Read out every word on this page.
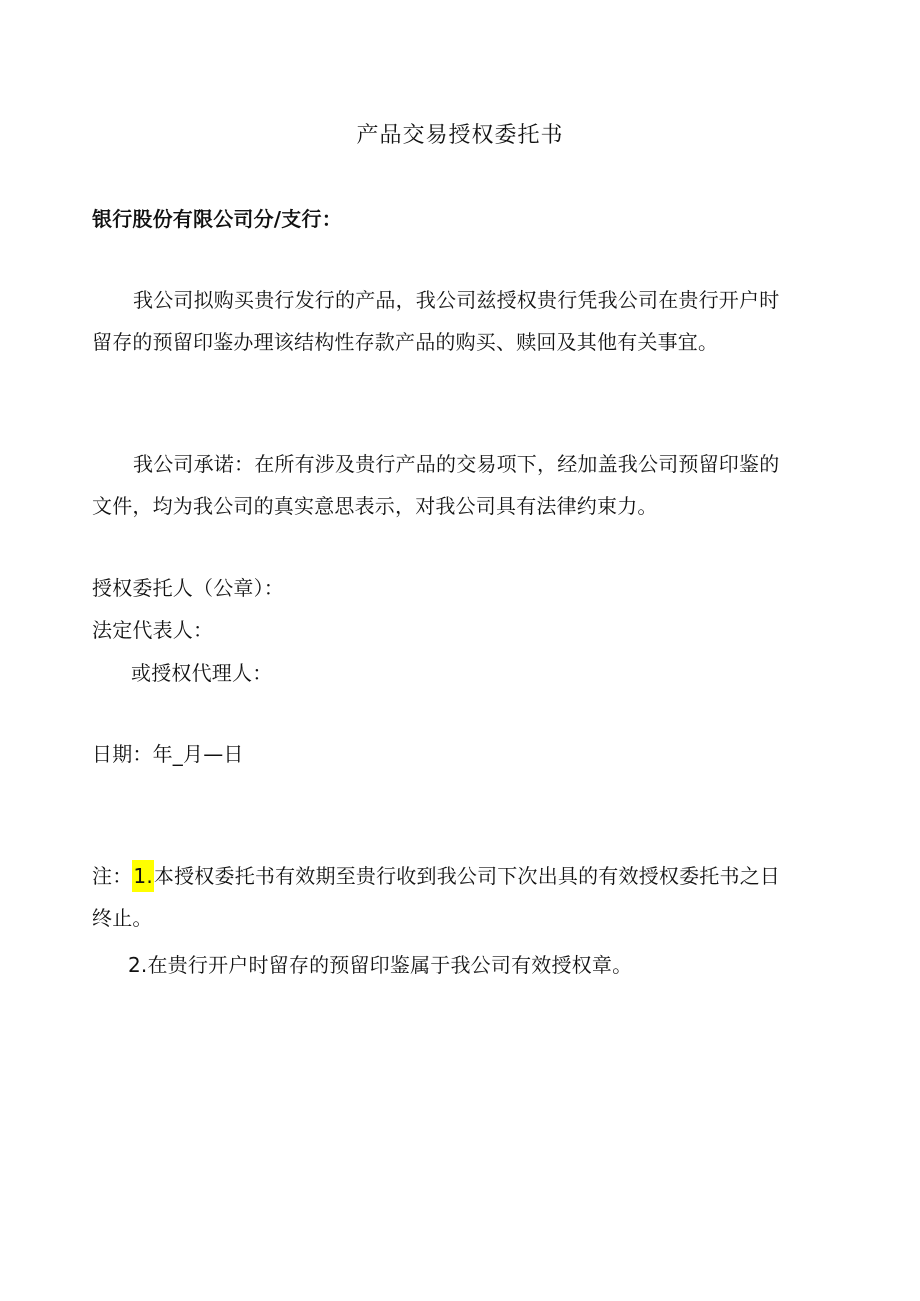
产品交易授权委托书
银行股份有限公司分/支行：
我公司拟购买贵行发行的产品，我公司兹授权贵行凭我公司在贵行开户时
留存的预留印鉴办理该结构性存款产品的购买、赎回及其他有关事宜。
我公司承诺：在所有涉及贵行产品的交易项下，经加盖我公司预留印鉴的
文件，均为我公司的真实意思表示，对我公司具有法律约束力。
授权委托人（公章）：
法定代表人：
或授权代理人：
日期：年_月—日
注：1.本授权委托书有效期至贵行收到我公司下次出具的有效授权委托书之日
终止。
2.在贵行开户时留存的预留印鉴属于我公司有效授权章。
